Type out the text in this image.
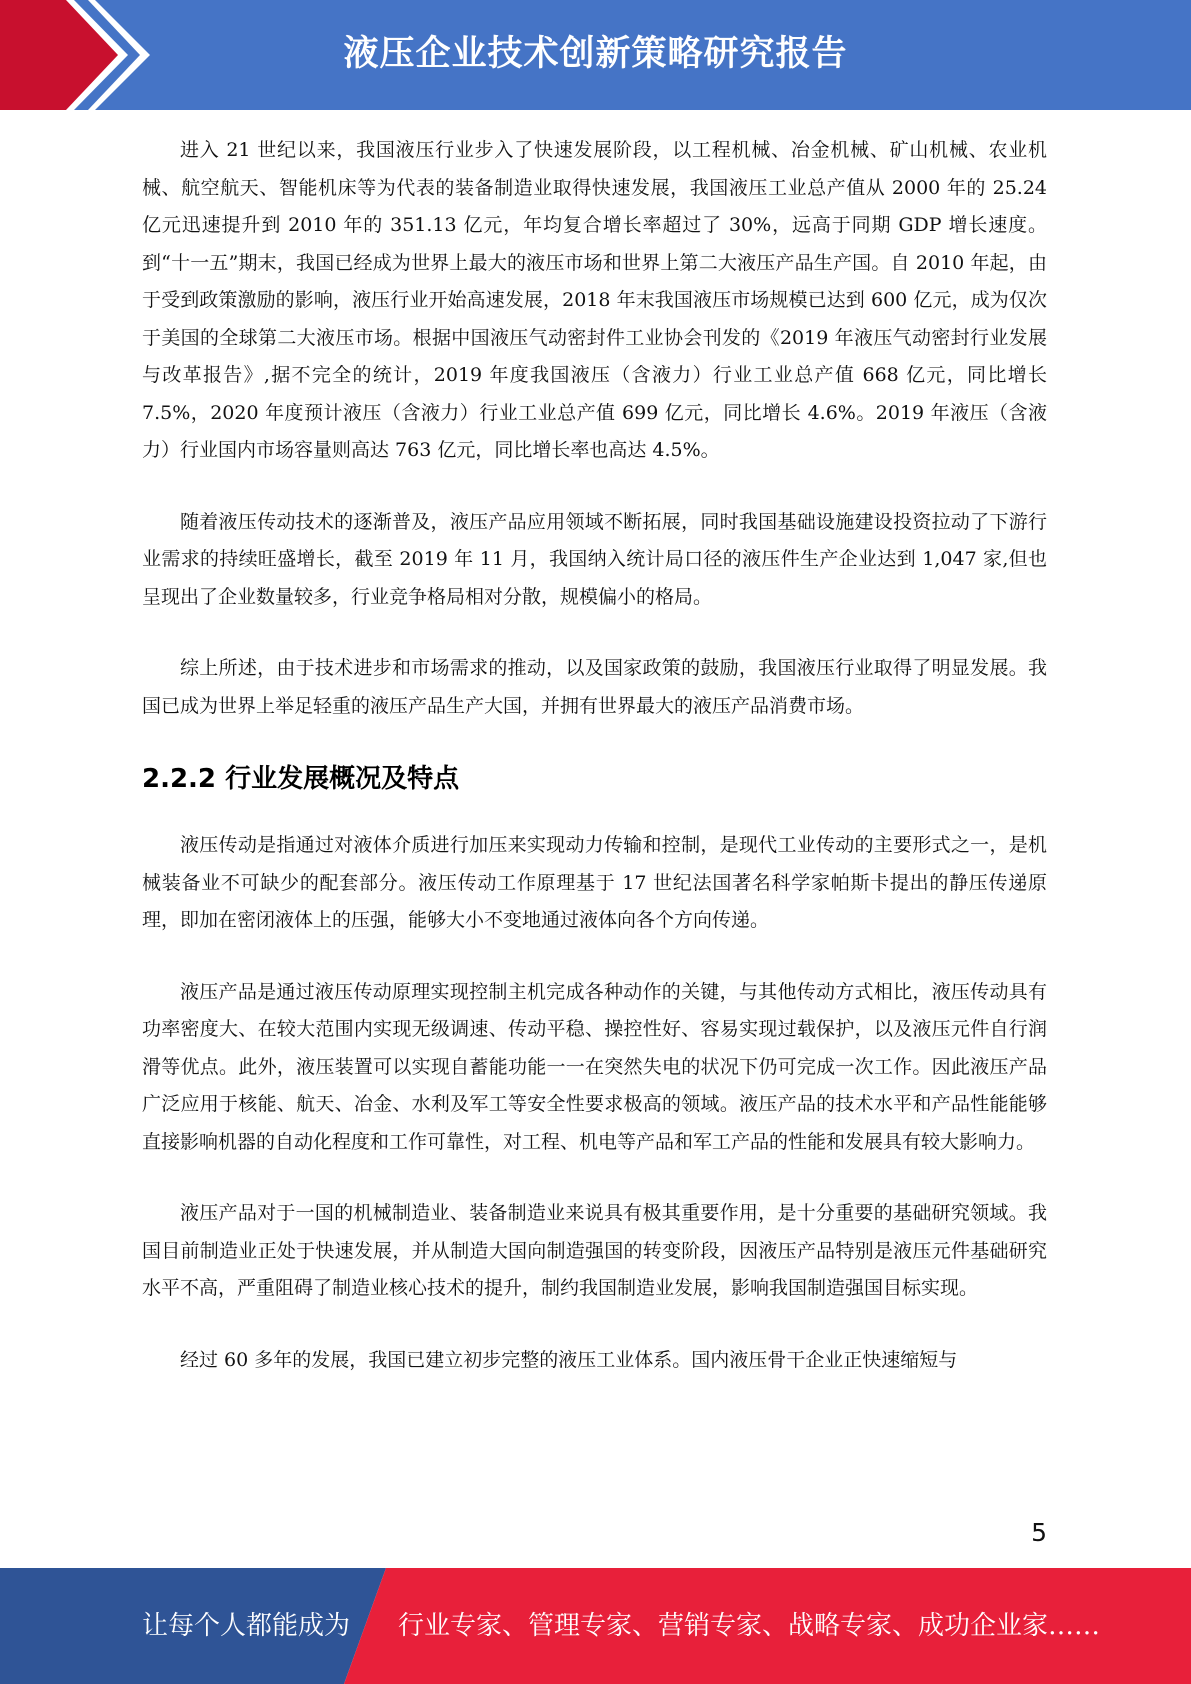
液压企业技术创新策略研究报告

进入 21 世纪以来，我国液压行业步入了快速发展阶段，以工程机械、冶金机械、矿山机械、农业机械、航空航天、智能机床等为代表的装备制造业取得快速发展，我国液压工业总产值从 2000 年的 25.24 亿元迅速提升到 2010 年的 351.13 亿元，年均复合增长率超过了 30%，远高于同期 GDP 增长速度。到“十一五”期末，我国已经成为世界上最大的液压市场和世界上第二大液压产品生产国。自 2010 年起，由于受到政策激励的影响，液压行业开始高速发展，2018 年末我国液压市场规模已达到 600 亿元，成为仅次于美国的全球第二大液压市场。根据中国液压气动密封件工业协会刊发的《2019 年液压气动密封行业发展与改革报告》,据不完全的统计，2019 年度我国液压（含液力）行业工业总产值 668 亿元，同比增长 7.5%，2020 年度预计液压（含液力）行业工业总产值 699 亿元，同比增长 4.6%。2019 年液压（含液力）行业国内市场容量则高达 763 亿元，同比增长率也高达 4.5%。

随着液压传动技术的逐渐普及，液压产品应用领域不断拓展，同时我国基础设施建设投资拉动了下游行业需求的持续旺盛增长，截至 2019 年 11 月，我国纳入统计局口径的液压件生产企业达到 1,047 家,但也呈现出了企业数量较多，行业竞争格局相对分散，规模偏小的格局。

综上所述，由于技术进步和市场需求的推动，以及国家政策的鼓励，我国液压行业取得了明显发展。我国已成为世界上举足轻重的液压产品生产大国，并拥有世界最大的液压产品消费市场。

2.2.2 行业发展概况及特点

液压传动是指通过对液体介质进行加压来实现动力传输和控制，是现代工业传动的主要形式之一，是机械装备业不可缺少的配套部分。液压传动工作原理基于 17 世纪法国著名科学家帕斯卡提出的静压传递原理，即加在密闭液体上的压强，能够大小不变地通过液体向各个方向传递。

液压产品是通过液压传动原理实现控制主机完成各种动作的关键，与其他传动方式相比，液压传动具有功率密度大、在较大范围内实现无级调速、传动平稳、操控性好、容易实现过载保护，以及液压元件自行润滑等优点。此外，液压装置可以实现自蓄能功能一一在突然失电的状况下仍可完成一次工作。因此液压产品广泛应用于核能、航天、冶金、水利及军工等安全性要求极高的领域。液压产品的技术水平和产品性能能够直接影响机器的自动化程度和工作可靠性，对工程、机电等产品和军工产品的性能和发展具有较大影响力。

液压产品对于一国的机械制造业、装备制造业来说具有极其重要作用，是十分重要的基础研究领域。我国目前制造业正处于快速发展，并从制造大国向制造强国的转变阶段，因液压产品特别是液压元件基础研究水平不高，严重阻碍了制造业核心技术的提升，制约我国制造业发展，影响我国制造强国目标实现。

经过 60 多年的发展，我国已建立初步完整的液压工业体系。国内液压骨干企业正快速缩短与

5
让每个人都能成为 行业专家、管理专家、营销专家、战略专家、成功企业家……
